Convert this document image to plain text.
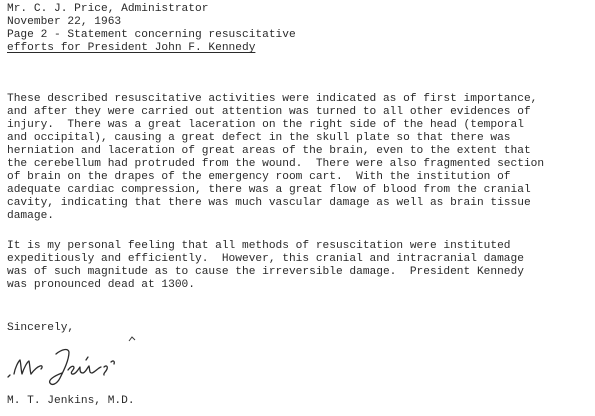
Mr. C. J. Price, Administrator
November 22, 1963
Page 2 - Statement concerning resuscitative
efforts for President John F. Kennedy
These described resuscitative activities were indicated as of first importance,
and after they were carried out attention was turned to all other evidences of
injury.  There was a great laceration on the right side of the head (temporal
and occipital), causing a great defect in the skull plate so that there was
herniation and laceration of great areas of the brain, even to the extent that
the cerebellum had protruded from the wound.  There were also fragmented section
of brain on the drapes of the emergency room cart.  With the institution of
adequate cardiac compression, there was a great flow of blood from the cranial
cavity, indicating that there was much vascular damage as well as brain tissue
damage.
It is my personal feeling that all methods of resuscitation were instituted
expeditiously and efficiently.  However, this cranial and intracranial damage
was of such magnitude as to cause the irreversible damage.  President Kennedy
was pronounced dead at 1300.
Sincerely,
M. T. Jenkins, M.D.
